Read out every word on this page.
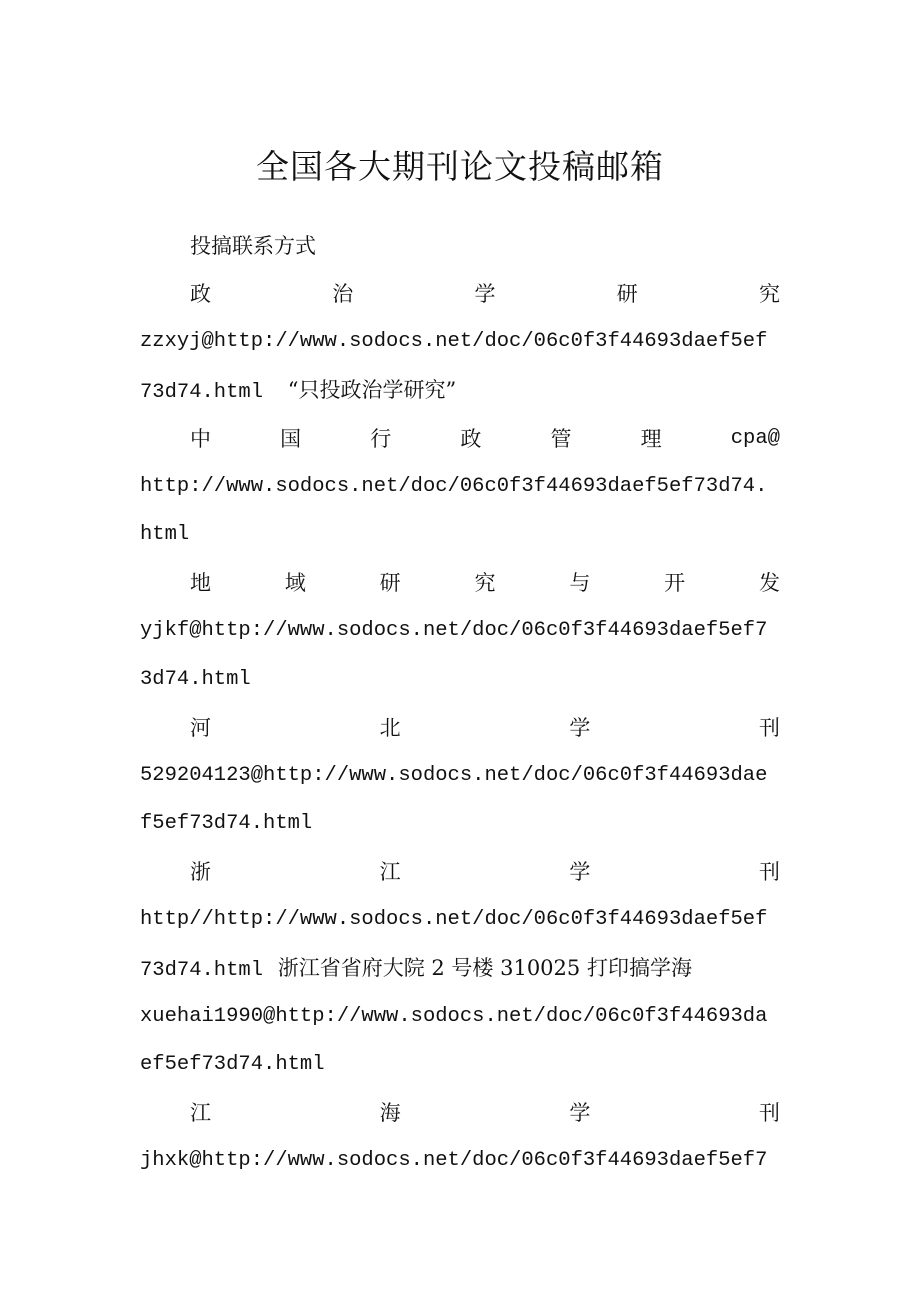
全国各大期刊论文投稿邮箱
投搞联系方式
政	治	学	研	究
zzxyj@http://www.sodocs.net/doc/06c0f3f44693daef5ef
73d74.html “只投政治学研究”
中	国	行	政	管	理	cpa@
http://www.sodocs.net/doc/06c0f3f44693daef5ef73d74.
html
地	域	研	究	与	开	发
yjkf@http://www.sodocs.net/doc/06c0f3f44693daef5ef7
3d74.html
河	北	学	刊
529204123@http://www.sodocs.net/doc/06c0f3f44693dae
f5ef73d74.html
浙	江	学	刊
http//http://www.sodocs.net/doc/06c0f3f44693daef5ef
73d74.html 浙江省省府大院 2 号楼 310025 打印搞学海
xuehai1990@http://www.sodocs.net/doc/06c0f3f44693da
ef5ef73d74.html
江	海	学	刊
jhxk@http://www.sodocs.net/doc/06c0f3f44693daef5ef7
